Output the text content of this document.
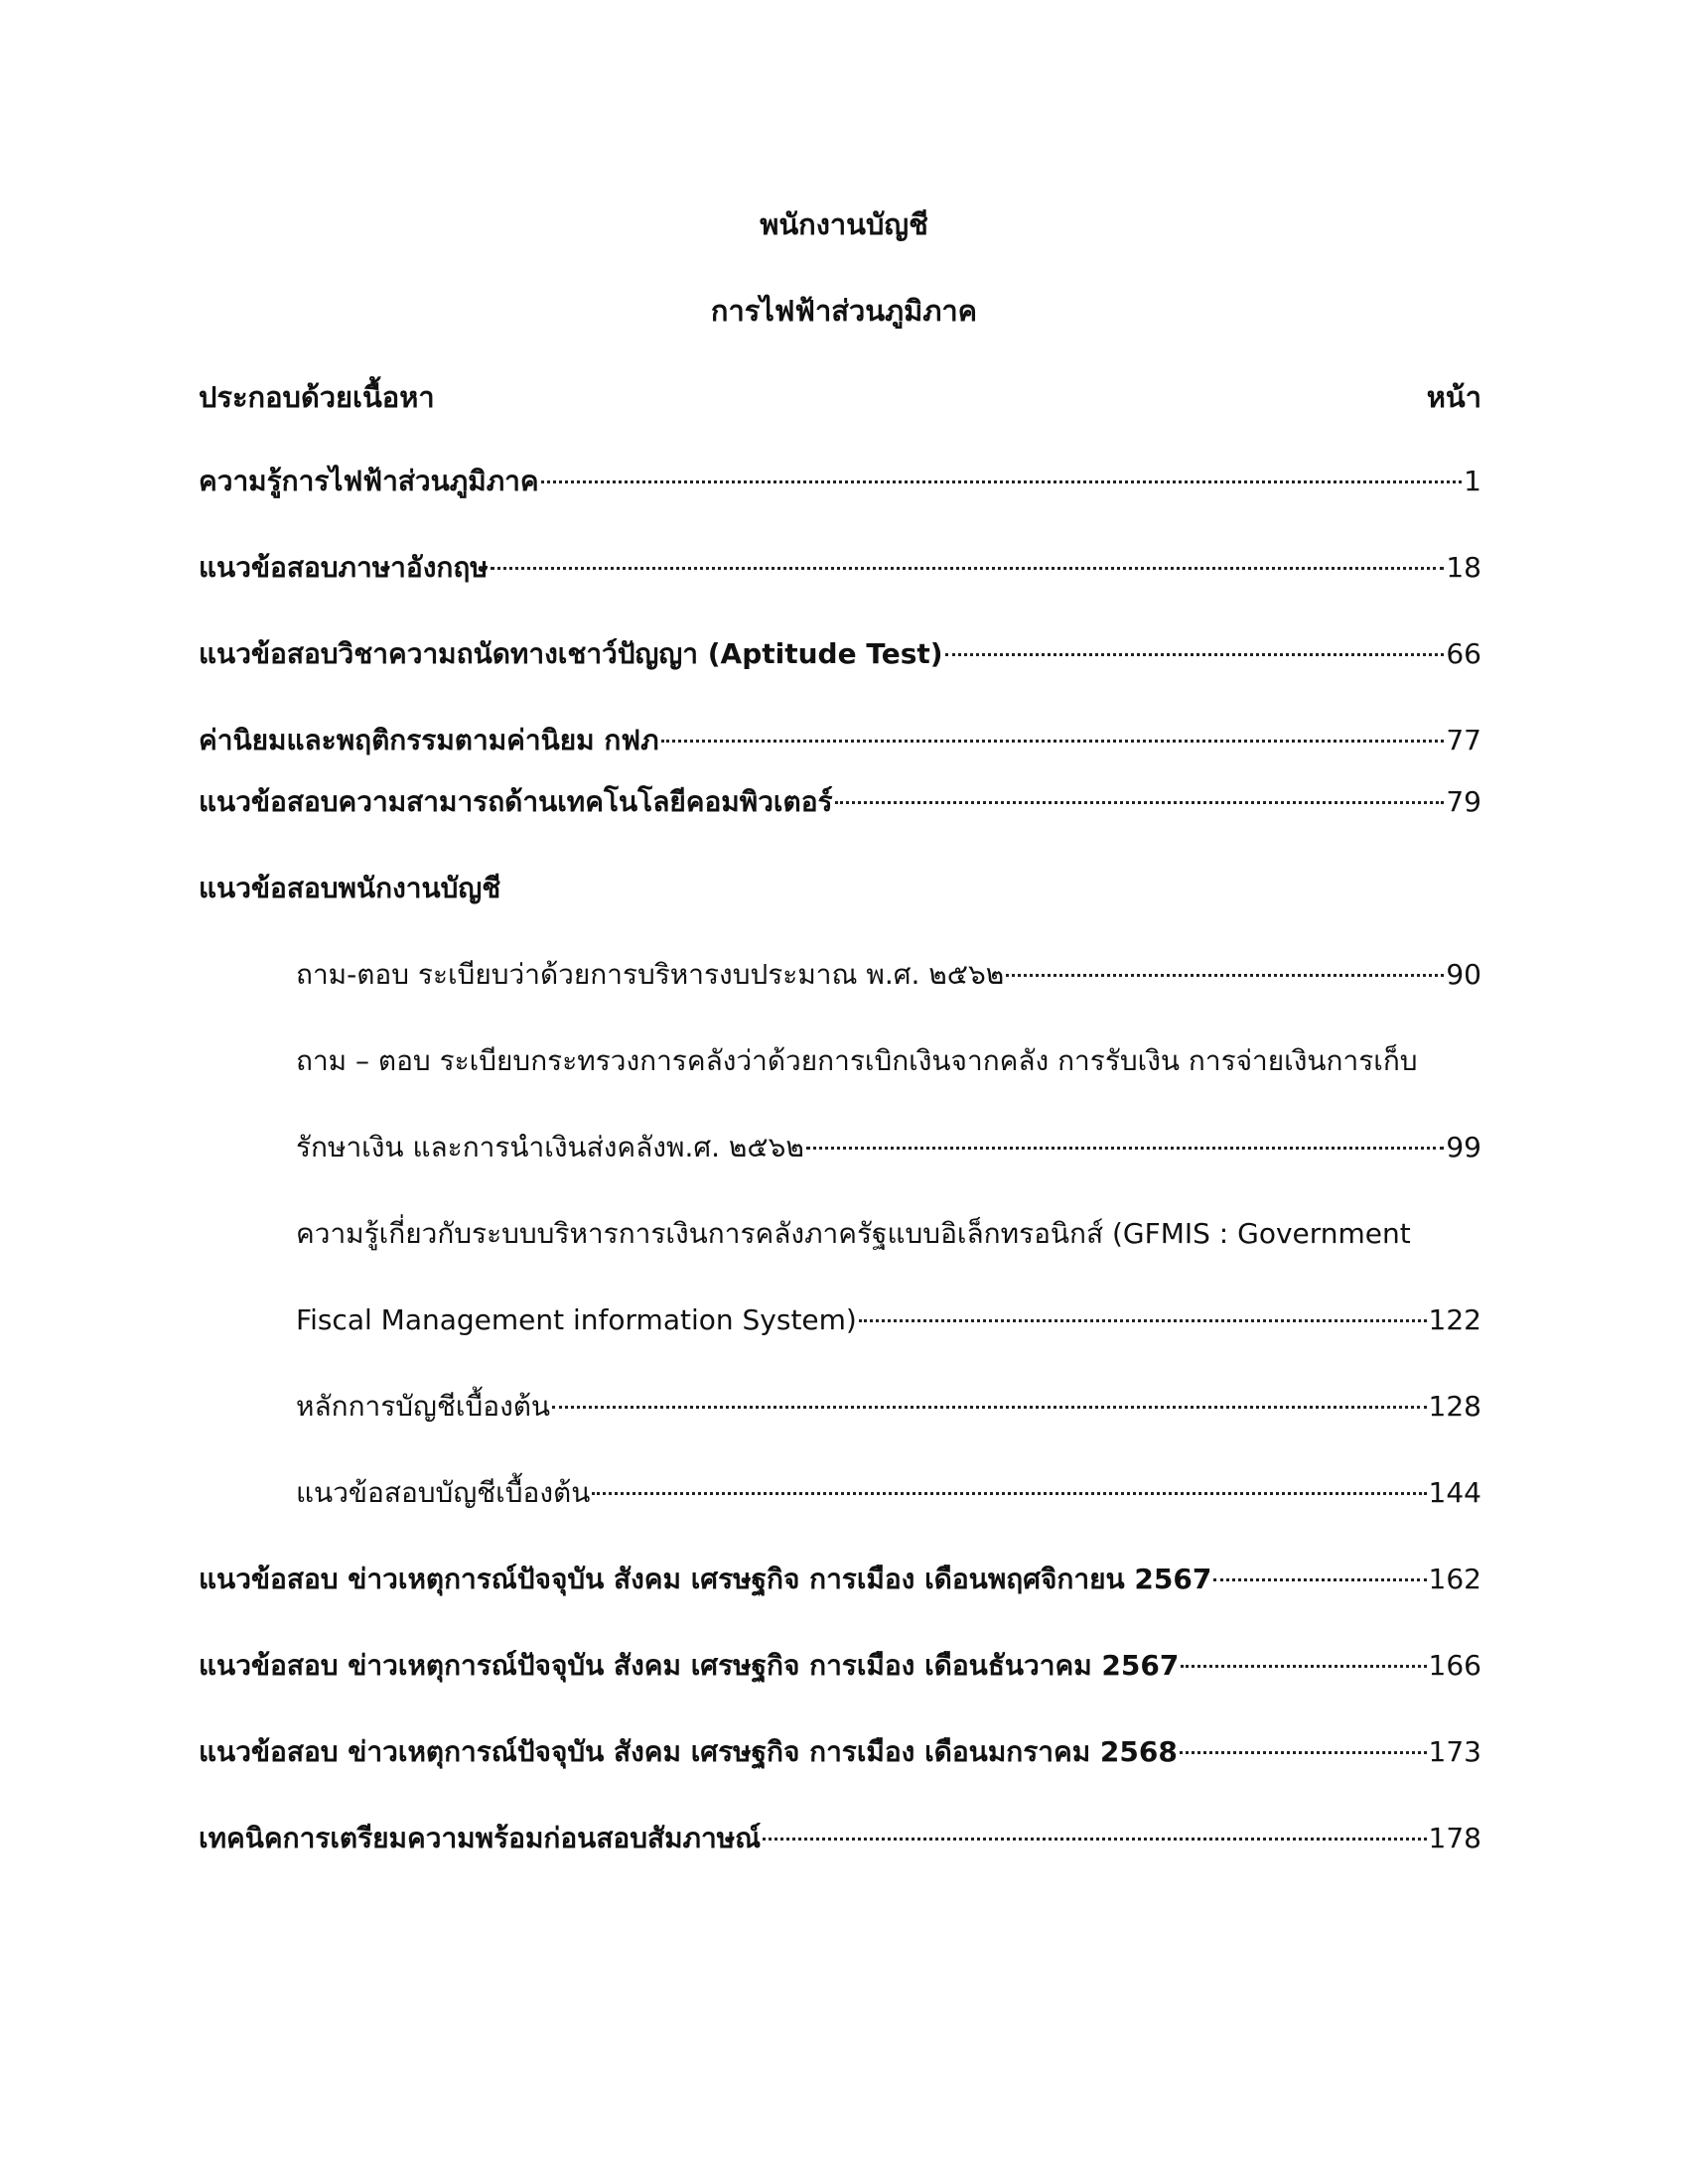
พนักงานบัญชี
การไฟฟ้าส่วนภูมิภาค
ประกอบด้วยเนื้อหา	หน้า
ความรู้การไฟฟ้าส่วนภูมิภาค	1
แนวข้อสอบภาษาอังกฤษ	18
แนวข้อสอบวิชาความถนัดทางเชาว์ปัญญา (Aptitude Test)	66
ค่านิยมและพฤติกรรมตามค่านิยม กฟภ	77
แนวข้อสอบความสามารถด้านเทคโนโลยีคอมพิวเตอร์	79
แนวข้อสอบพนักงานบัญชี
ถาม-ตอบ ระเบียบว่าด้วยการบริหารงบประมาณ พ.ศ. ๒๕๖๒	90
ถาม – ตอบ ระเบียบกระทรวงการคลังว่าด้วยการเบิกเงินจากคลัง การรับเงิน การจ่ายเงินการเก็บ
รักษาเงิน และการนำเงินส่งคลังพ.ศ. ๒๕๖๒	99
ความรู้เกี่ยวกับระบบบริหารการเงินการคลังภาครัฐแบบอิเล็กทรอนิกส์ (GFMIS : Government
Fiscal Management information System)	122
หลักการบัญชีเบื้องต้น	128
แนวข้อสอบบัญชีเบื้องต้น	144
แนวข้อสอบ ข่าวเหตุการณ์ปัจจุบัน สังคม เศรษฐกิจ การเมือง เดือนพฤศจิกายน 2567	162
แนวข้อสอบ ข่าวเหตุการณ์ปัจจุบัน สังคม เศรษฐกิจ การเมือง เดือนธันวาคม 2567	166
แนวข้อสอบ ข่าวเหตุการณ์ปัจจุบัน สังคม เศรษฐกิจ การเมือง เดือนมกราคม 2568	173
เทคนิคการเตรียมความพร้อมก่อนสอบสัมภาษณ์	178
